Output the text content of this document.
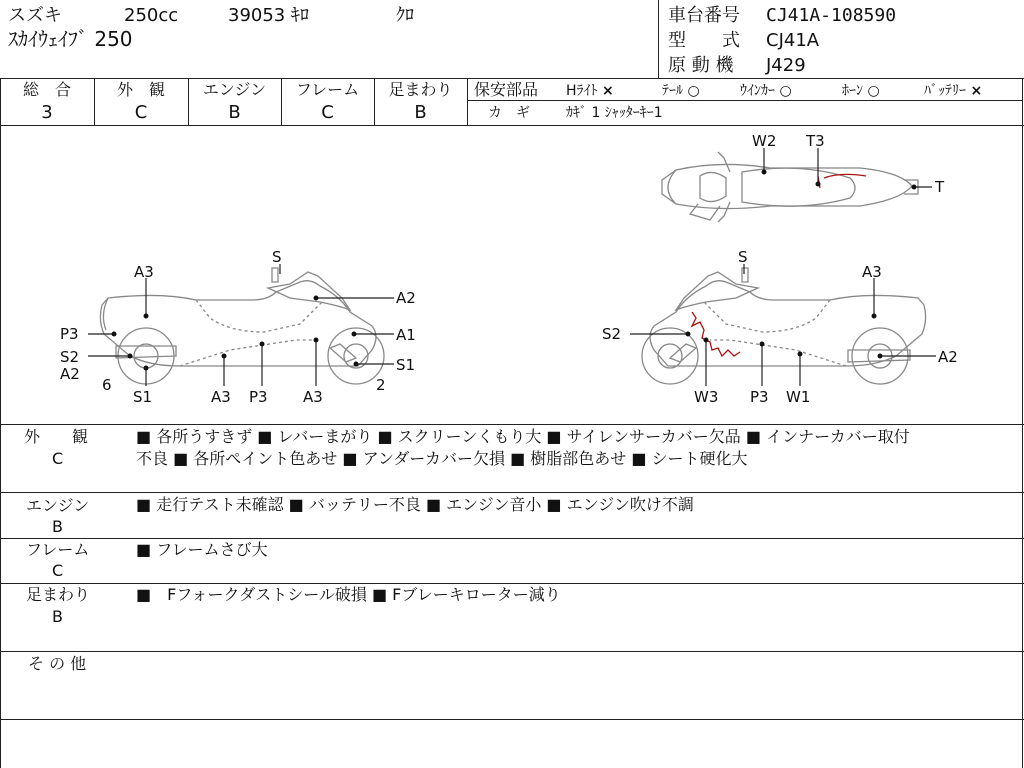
スズキ	250cc	39053 ｷﾛ	ｸﾛ
ｽｶｲｳｪｲﾌﾞ 250
車台番号 CJ41A-108590
型　　式 CJ41A
原 動 機 J429
総　合
3
外　観
C
エンジン
B
フレーム
C
足まわり
B
保安部品 Hﾗｲﾄ ×	ﾃｰﾙ ○	ｳｲﾝｶｰ ○	ﾎｰﾝ ○	ﾊﾞｯﾃﾘｰ ×
カ　ギ	ｶｷﾞ 1 ｼｬｯﾀｰｷｰ1
A3
S
A2
P3	A1
S2
A2	S1
6	2
S1	A3 P3 A3
S
A3
S2
A2
W3 P3 W1
W2 T3
T
外　　観
C
■ 各所うすきず ■ レバーまがり ■ スクリーンくもり大 ■ サイレンサーカバー欠品 ■ インナーカバー取付
不良 ■ 各所ペイント色あせ ■ アンダーカバー欠損 ■ 樹脂部色あせ ■ シート硬化大
エンジン
B
■ 走行テスト未確認 ■ バッテリー不良 ■ エンジン音小 ■ エンジン吹け不調
フレーム
C
■ フレームさび大
足まわり
B
■　Fフォークダストシール破損 ■ Fブレーキローター減り
そ の 他
